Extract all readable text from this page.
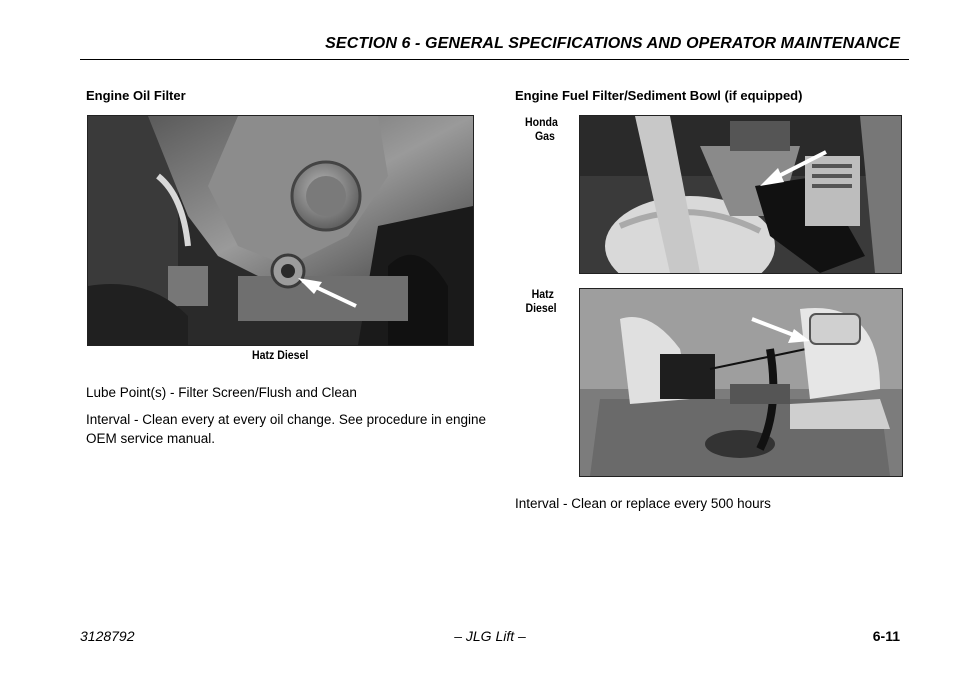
SECTION 6 - GENERAL SPECIFICATIONS AND OPERATOR MAINTENANCE
Engine Oil Filter
Hatz Diesel
Lube Point(s) - Filter Screen/Flush and Clean
Interval - Clean every at every oil change. See procedure in engine OEM service manual.
Engine Fuel Filter/Sediment Bowl (if equipped)
Honda
Gas
Hatz
Diesel
Interval - Clean or replace every 500 hours
3128792	– JLG Lift –	6-11
